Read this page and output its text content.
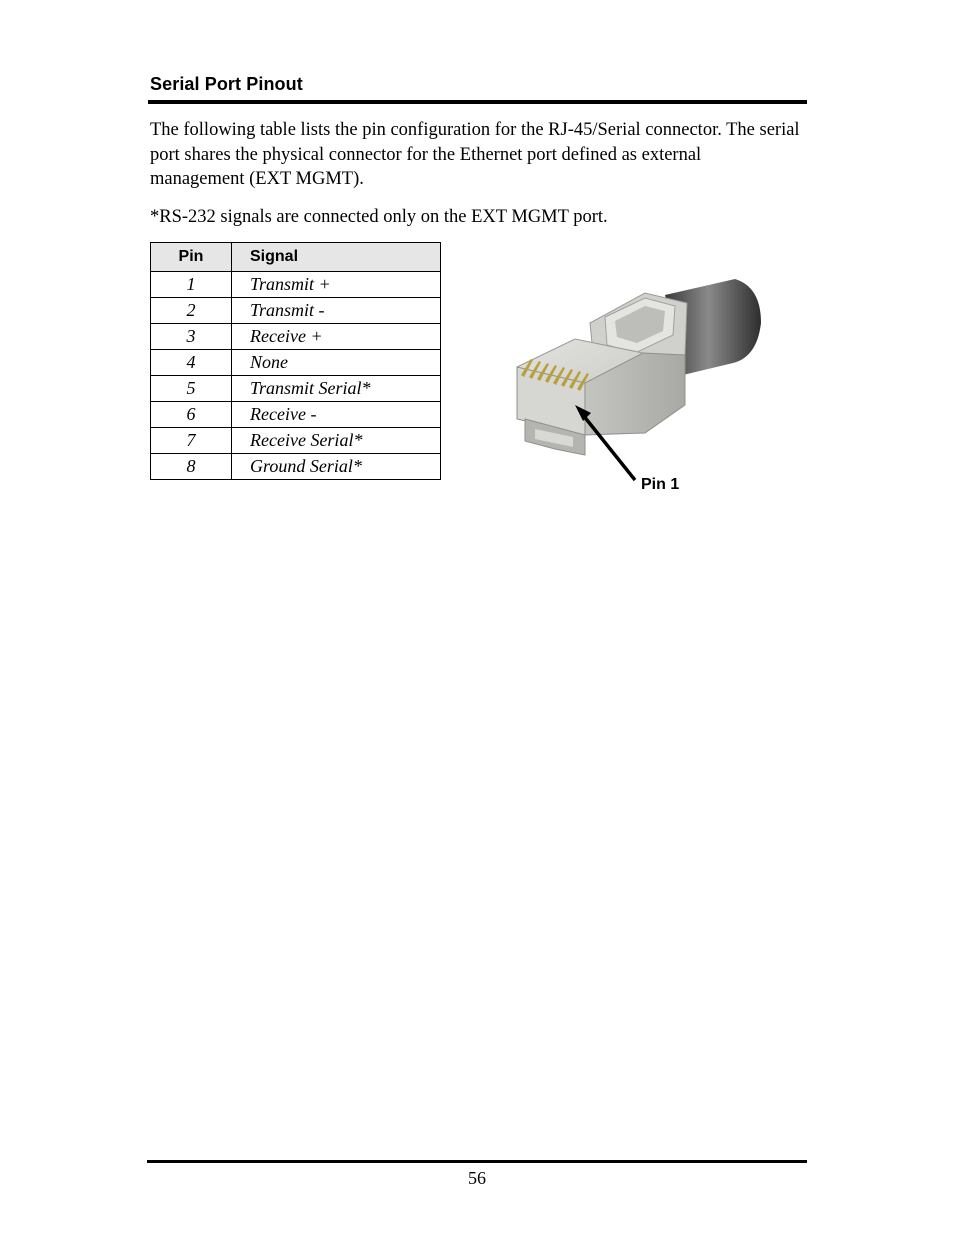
Serial Port Pinout
The following table lists the pin configuration for the RJ-45/Serial connector. The serial port shares the physical connector for the Ethernet port defined as external management (EXT MGMT).
*RS-232 signals are connected only on the EXT MGMT port.
Pin	Signal
1	Transmit +
2	Transmit -
3	Receive +
4	None
5	Transmit Serial*
6	Receive -
7	Receive Serial*
8	Ground Serial*
Pin 1
56
